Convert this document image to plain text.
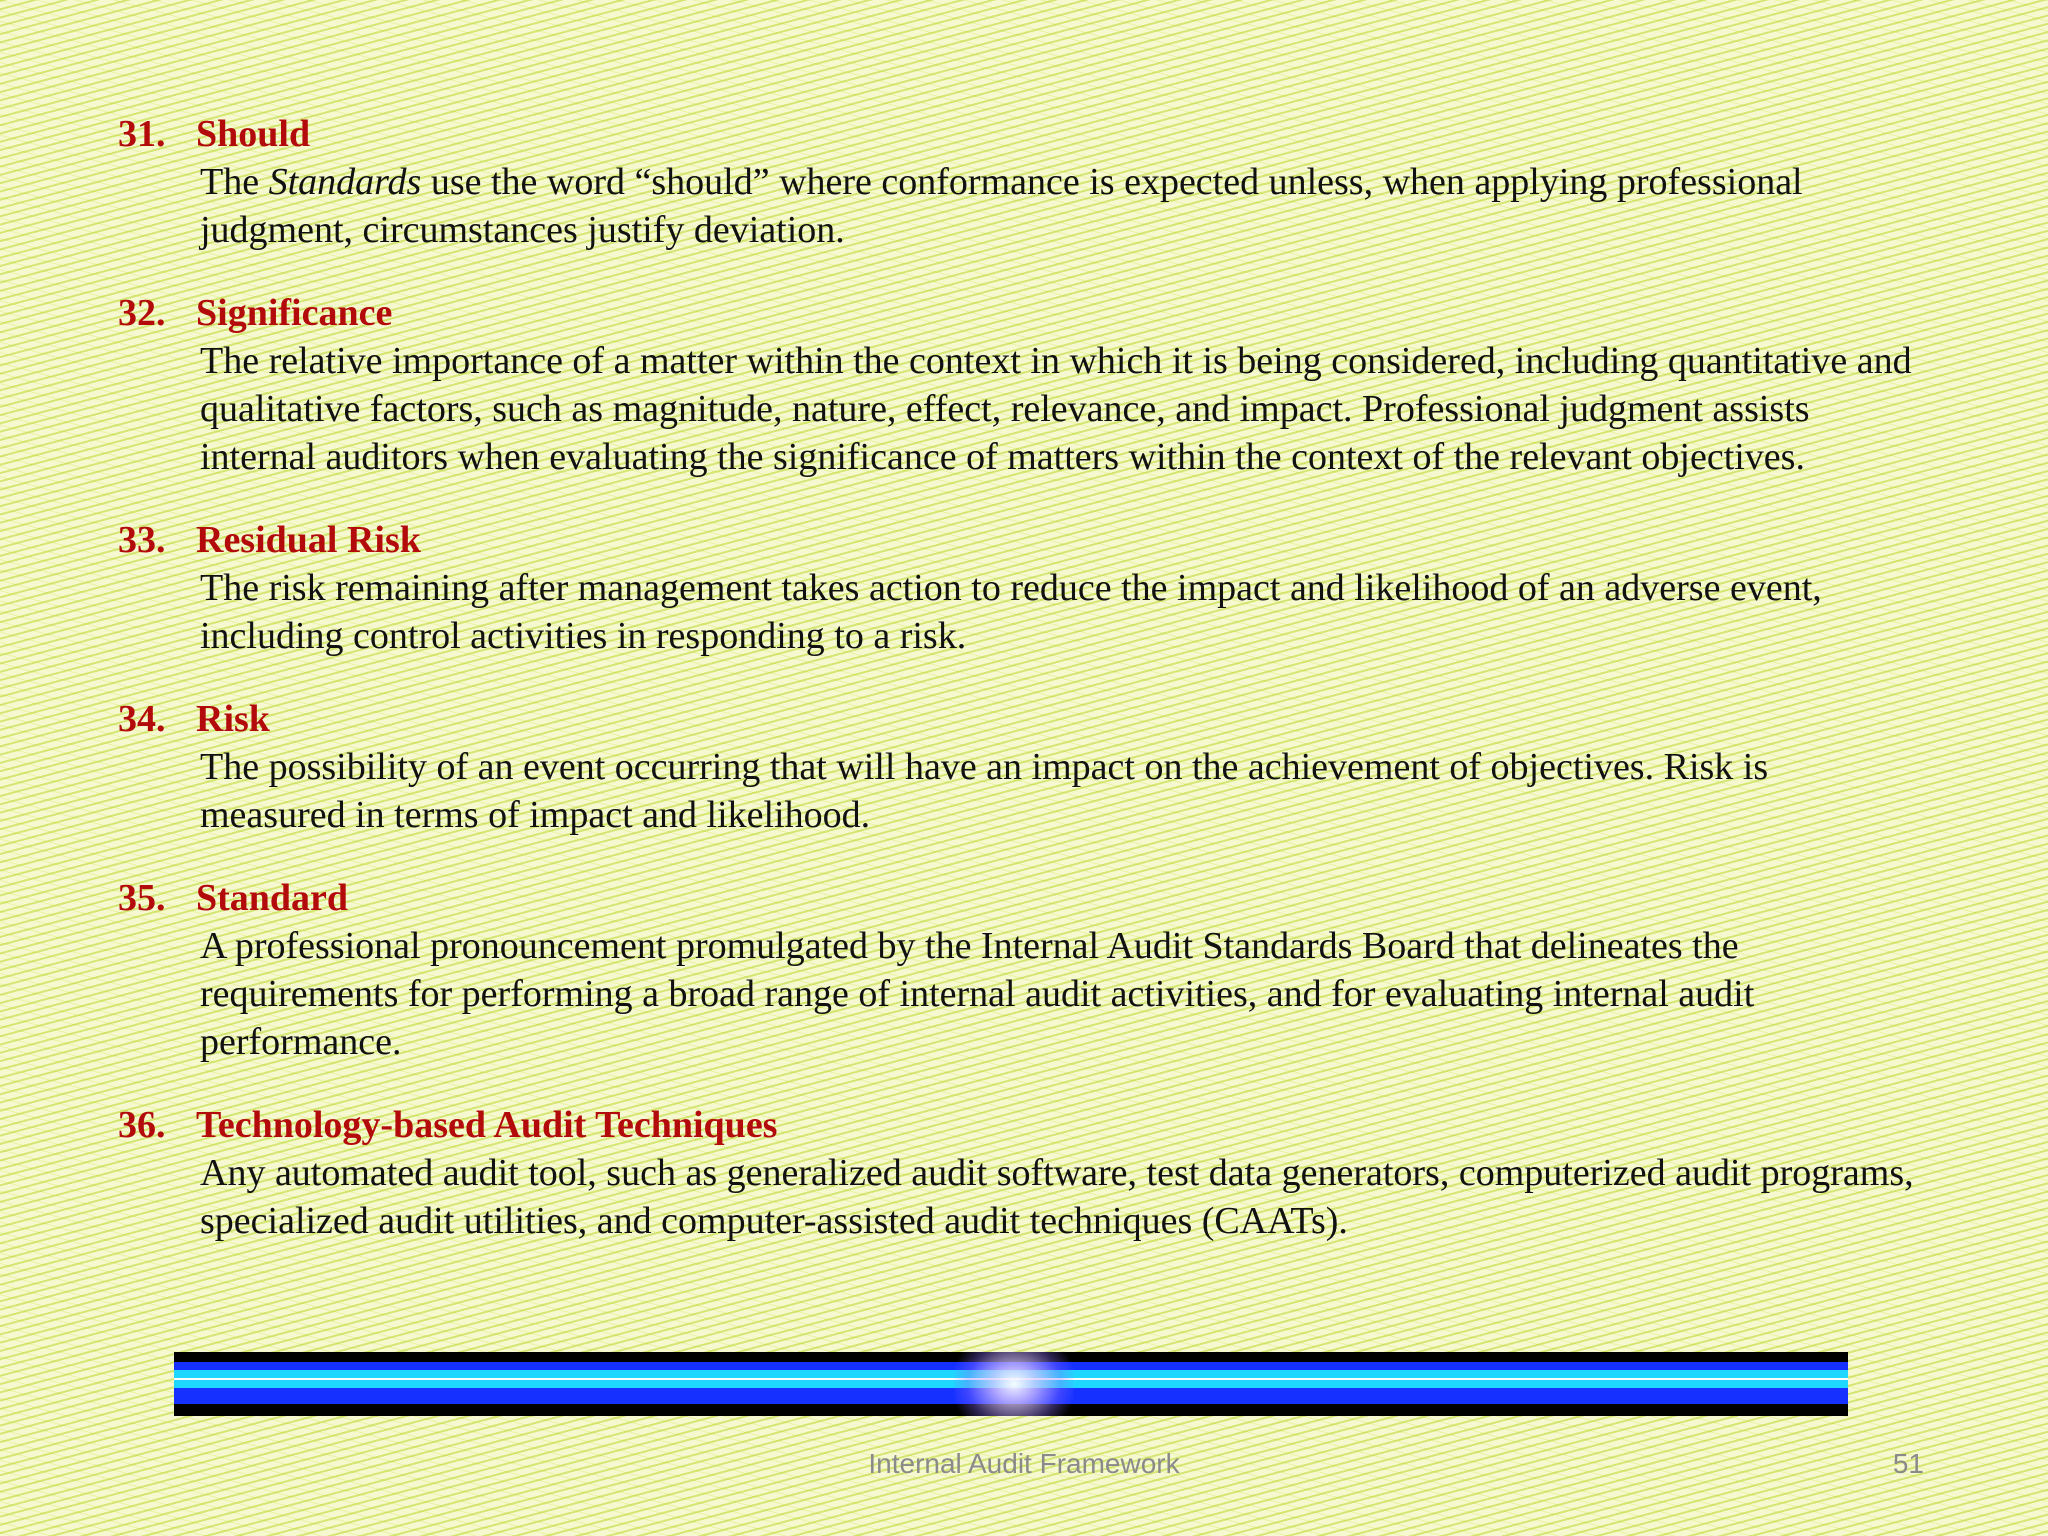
31. Should
The Standards use the word “should” where conformance is expected unless, when applying professional judgment, circumstances justify deviation.
32. Significance
The relative importance of a matter within the context in which it is being considered, including quantitative and qualitative factors, such as magnitude, nature, effect, relevance, and impact. Professional judgment assists internal auditors when evaluating the significance of matters within the context of the relevant objectives.
33. Residual Risk
The risk remaining after management takes action to reduce the impact and likelihood of an adverse event, including control activities in responding to a risk.
34. Risk
The possibility of an event occurring that will have an impact on the achievement of objectives. Risk is measured in terms of impact and likelihood.
35. Standard
A professional pronouncement promulgated by the Internal Audit Standards Board that delineates the requirements for performing a broad range of internal audit activities, and for evaluating internal audit performance.
36. Technology-based Audit Techniques
Any automated audit tool, such as generalized audit software, test data generators, computerized audit programs, specialized audit utilities, and computer-assisted audit techniques (CAATs).
Internal Audit Framework	51
